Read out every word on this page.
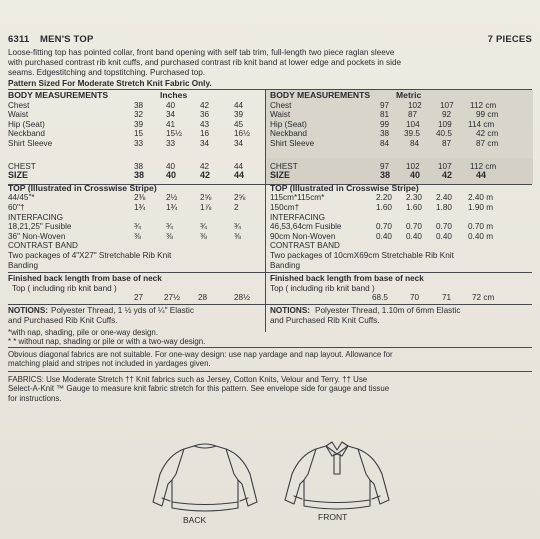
6311 MEN'S TOP	7 PIECES
Loose-fitting top has pointed collar, front band opening with self tab trim, full-length two piece raglan sleeve
with purchased contrast rib knit cuffs, and purchased contrast rib knit band at lower edge and pockets in side
seams. Edgestitching and topstitching. Purchased top.
Pattern Sized For Moderate Stretch Knit Fabric Only.
BODY MEASUREMENTS	Inches
Chest	38	40	42	44
Waist	32	34	36	39
Hip (Seat)	39	41	43	45
Neckband	15	15½ 16	16½
Shirt Sleeve	33	33	34	34
CHEST	38	40	42	44
SIZE	38 40	42	44
TOP (Illustrated in Crosswise Stripe)
44/45"*	2⅜	2½	2⅝	2⅝
60"†	1¾	1¾	1⅞	2
INTERFACING
18,21,25" Fusible	¾	¾	¾	¾
36" Non-Woven	⅜	⅜	⅜	⅜
CONTRAST BAND
Two packages of 4"X27" Stretchable Rib Knit
Banding
Finished back length from base of neck
Top ( including rib knit band )
27	27½ 28	28½
NOTIONS: Polyester Thread, 1 ½ yds of ¼" Elastic
and Purchased Rib Knit Cuffs.
BODY MEASUREMENTS	Metric
Chest	97 102 107 112 cm
Waist	81 87	92	99 cm
Hip (Seat)	99 104 109 114 cm
Neckband	38 39.5 40.5	42 cm
Shirt Sleeve	84	84	87	87 cm
CHEST	97 102 107 112 cm
SIZE	38 40 42	44
TOP (Illustrated in Crosswise Stripe)
115cm*115cm*	2.20 2.30 2.40 2.40 m
150cm†	1.60 1.60 1.80 1.90 m
INTERFACING
46,53,64cm Fusible	0.70 0.70 0.70 0.70 m
90cm Non-Woven	0.40 0.40 0.40 0.40 m
CONTRAST BAND
Two packages of 10cmX69cm Stretchable Rib Knit
Banding
Finished back length from base of neck
Top ( including rib knit band )
68.5	70	71	72 cm
NOTIONS: Polyester Thread, 1.10m of 6mm Elastic
and Purchased Rib Knit Cuffs.
*with nap, shading, pile or one-way design.
* * without nap, shading or pile or with a two-way design.
Obvious diagonal fabrics are not suitable. For one-way design: use nap yardage and nap layout. Allowance for
matching plaid and stripes not included in yardages given.
FABRICS: Use Moderate Stretch †† Knit fabrics such as Jersey, Cotton Knits, Velour and Terry. †† Use
Select-A-Knit ™ Gauge to measure knit fabric stretch for this pattern. See envelope side for gauge and tissue
for instructions.
BACK	FRONT
